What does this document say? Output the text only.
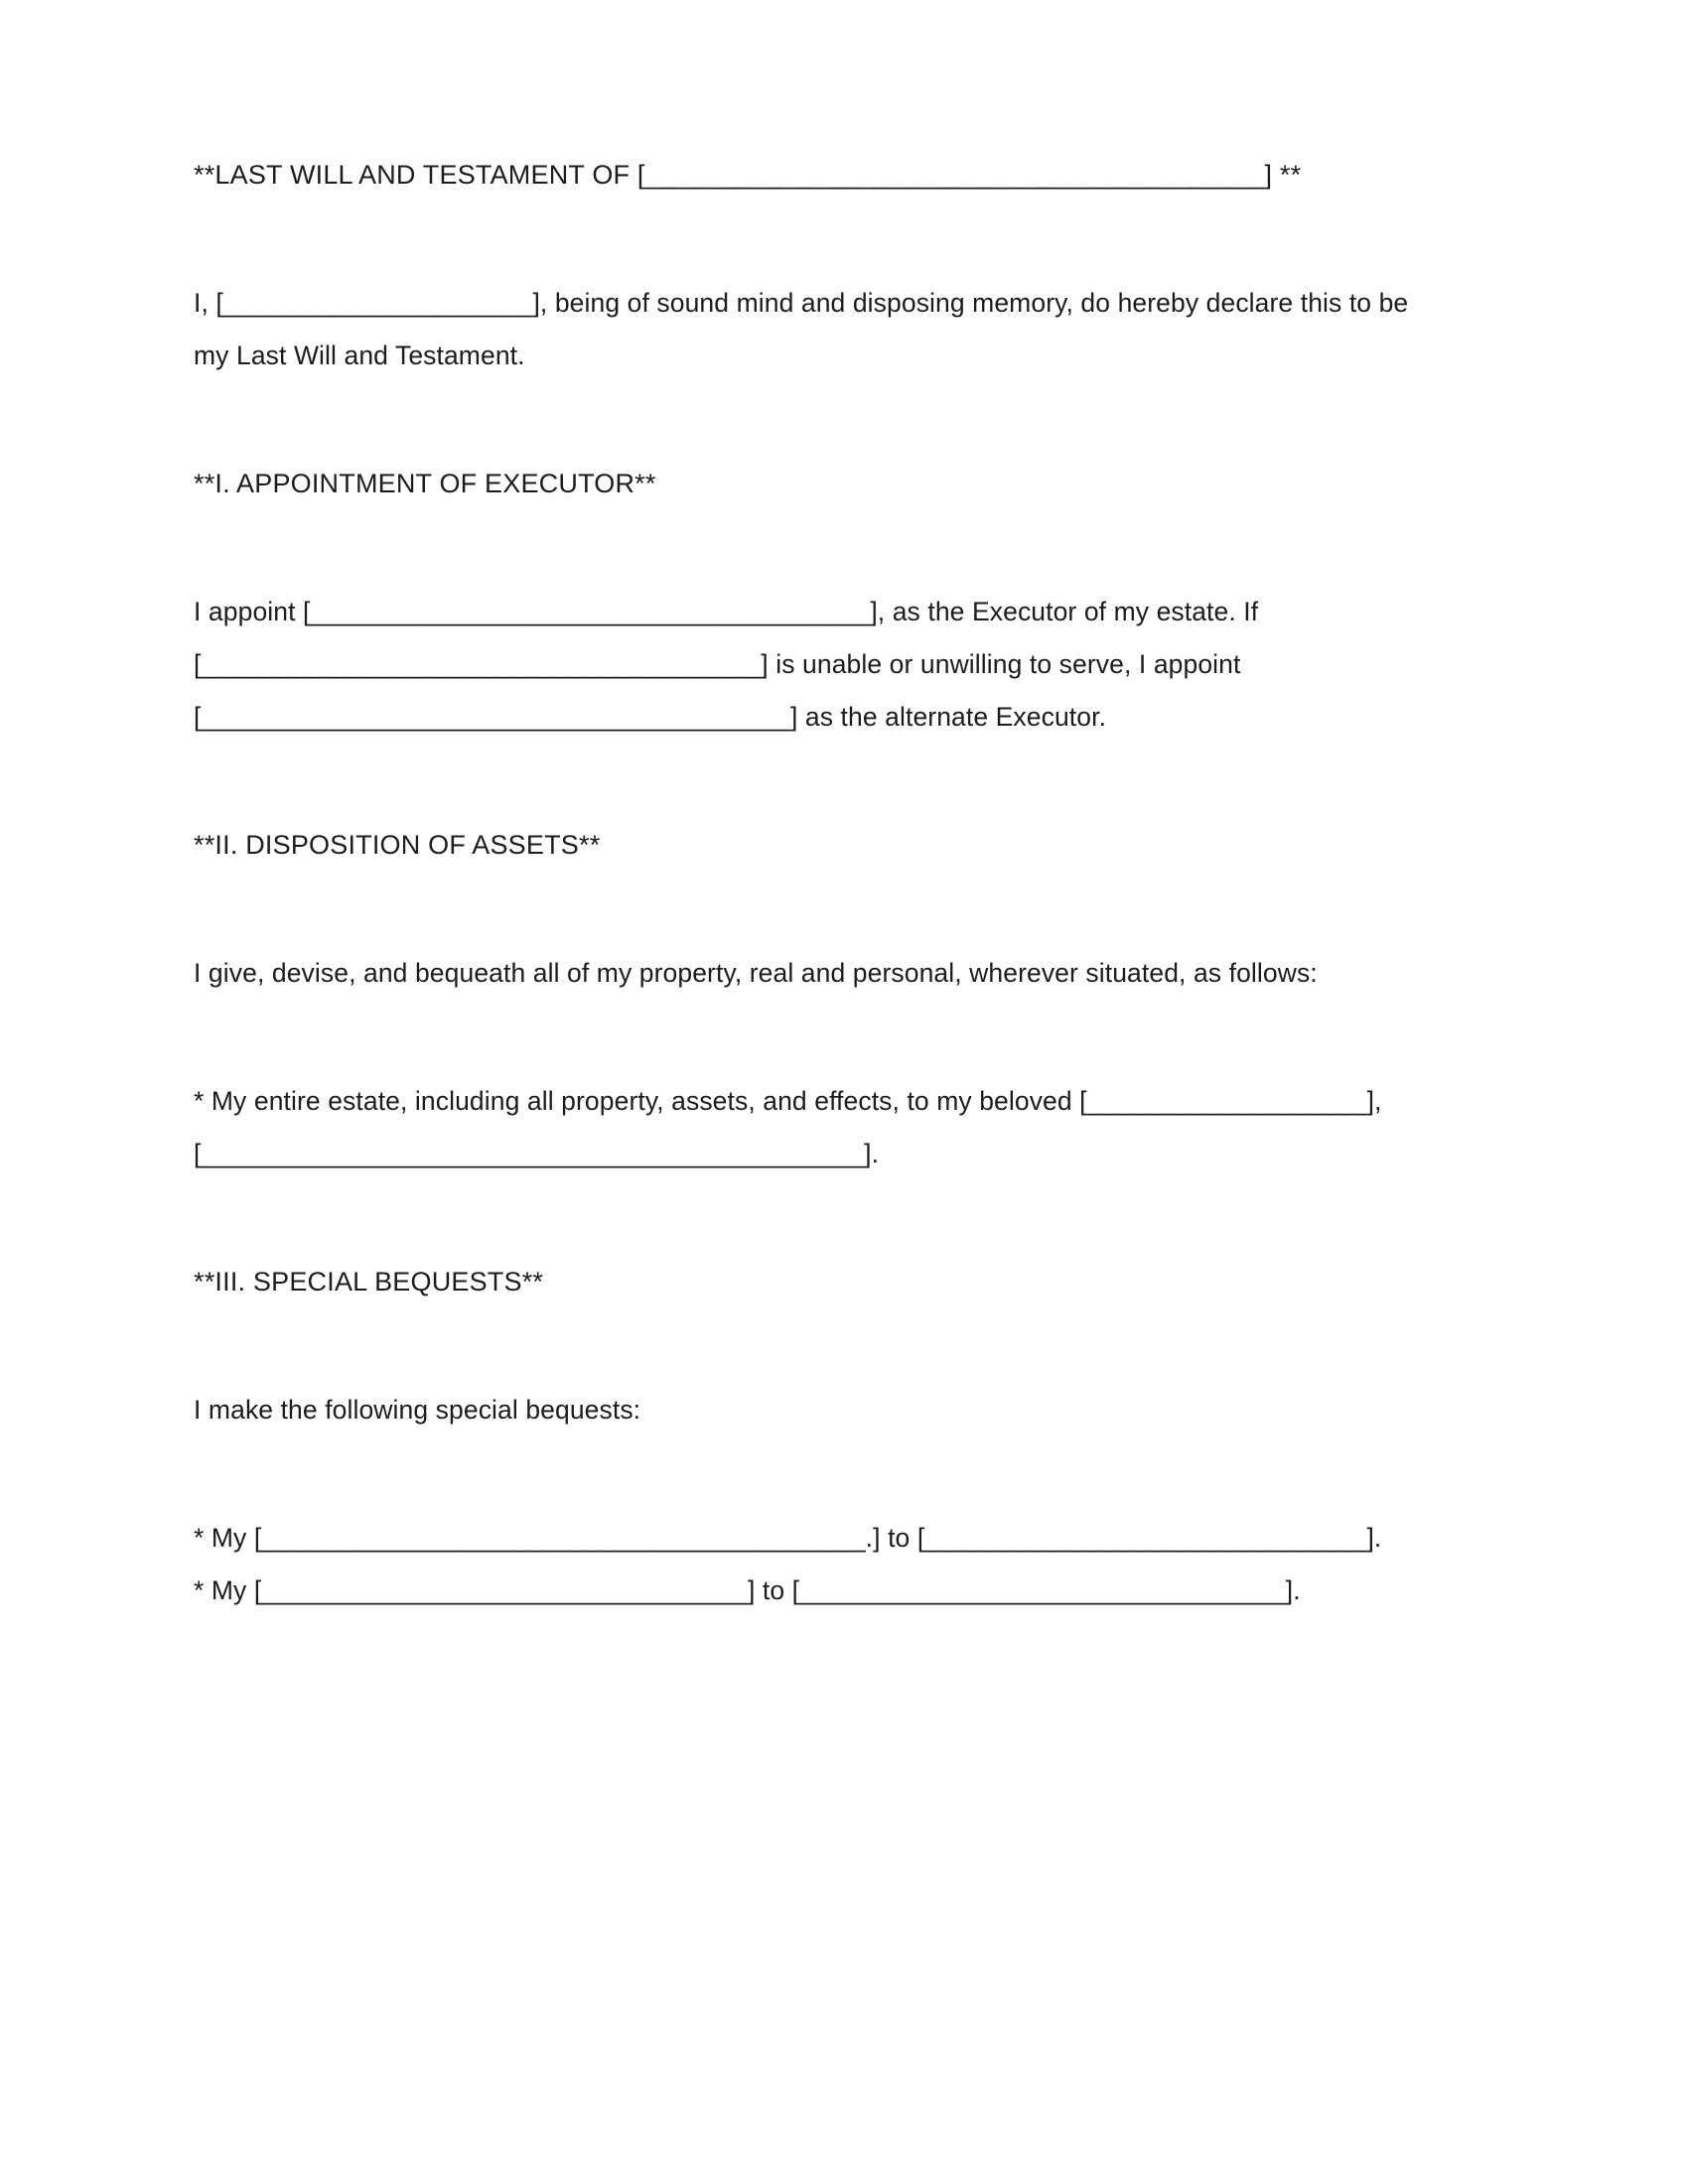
**LAST WILL AND TESTAMENT OF [_________________________________________] **
I, [_____________________], being of sound mind and disposing memory, do hereby declare this to be my Last Will and Testament.
**I. APPOINTMENT OF EXECUTOR**
I appoint [______________________________________], as the Executor of my estate. If [______________________________________] is unable or unwilling to serve, I appoint [________________________________________] as the alternate Executor.
**II. DISPOSITION OF ASSETS**
I give, devise, and bequeath all of my property, real and personal, wherever situated, as follows:
* My entire estate, including all property, assets, and effects, to my beloved [___________________], [_____________________________________________].
**III. SPECIAL BEQUESTS**
I make the following special bequests:
* My [_________________________________________.] to [______________________________].
* My [_________________________________] to [_________________________________].
